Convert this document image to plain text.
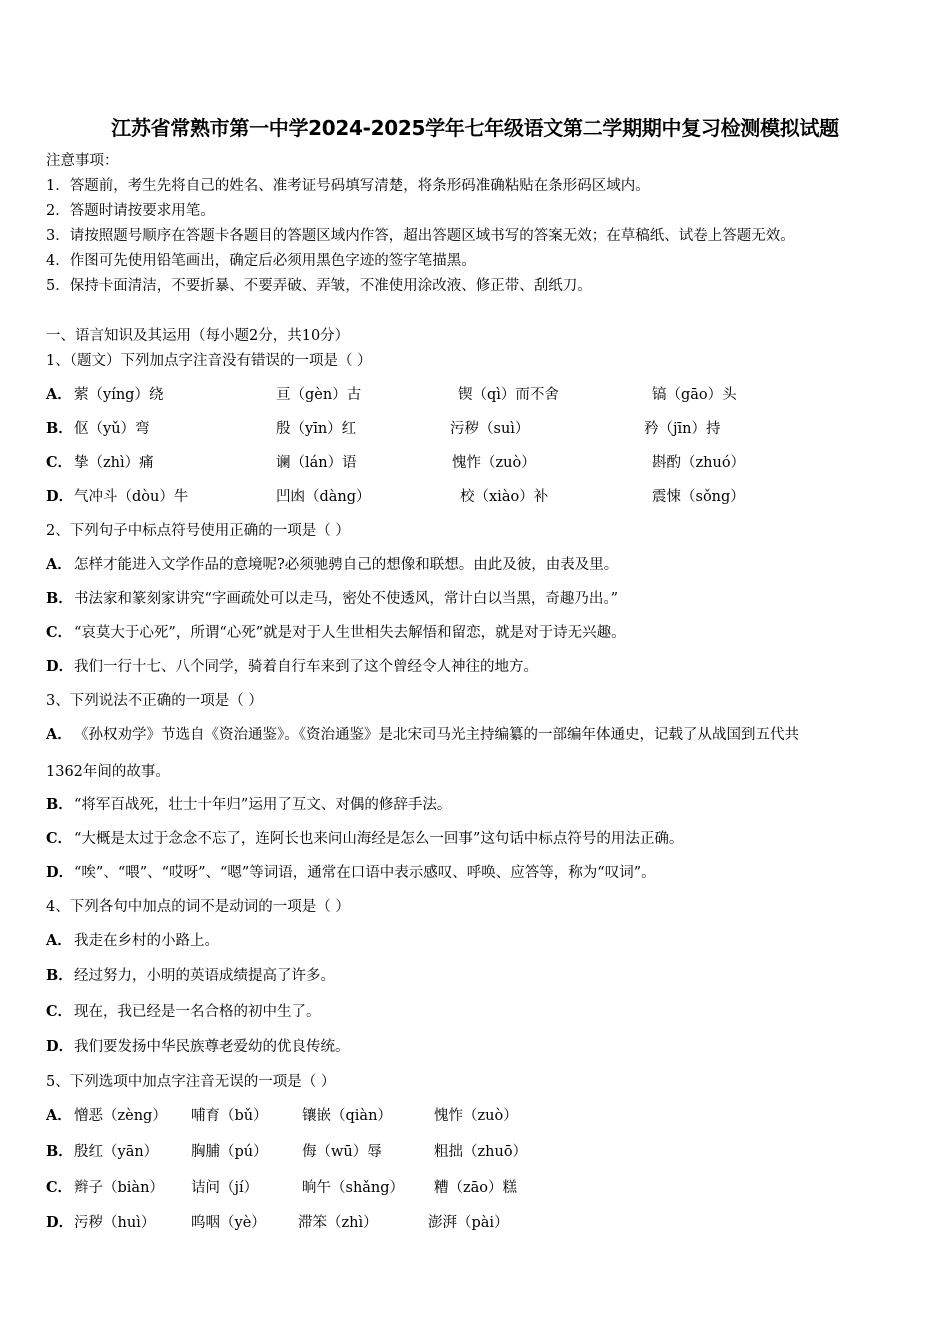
江苏省常熟市第一中学2024-2025学年七年级语文第二学期期中复习检测模拟试题
注意事项：
1．答题前，考生先将自己的姓名、准考证号码填写清楚，将条形码准确粘贴在条形码区域内。
2．答题时请按要求用笔。
3．请按照题号顺序在答题卡各题目的答题区域内作答，超出答题区域书写的答案无效；在草稿纸、试卷上答题无效。
4．作图可先使用铅笔画出，确定后必须用黑色字迹的签字笔描黑。
5．保持卡面清洁，不要折暴、不要弄破、弄皱，不准使用涂改液、修正带、刮纸刀。
一、语言知识及其运用（每小题2分，共10分）
1、（题文）下列加点字注音没有错误的一项是（ ）
A． 萦（yíng）绕	亘（gèn）古	锲（qì）而不舍	镐（gāo）头
B． 伛（yǔ）弯	殷（yīn）红	污秽（suì）	矜（jīn）持
C． 挚（zhì）痛	谰（lán）语	愧怍（zuò）	斟酌（zhuó）
D． 气冲斗（dòu）牛	凹凼（dàng）	校（xiào）补	震悚（sǒng）
2、下列句子中标点符号使用正确的一项是（ ）
A． 怎样才能进入文学作品的意境呢?必须驰骋自己的想像和联想。由此及彼，由表及里。
B．书法家和篆刻家讲究“字画疏处可以走马，密处不使透风，常计白以当黑，奇趣乃出。”
C． “哀莫大于心死”，所谓“心死”就是对于人生世相失去解悟和留恋，就是对于诗无兴趣。
D．我们一行十七、八个同学，骑着自行车来到了这个曾经令人神往的地方。
3、下列说法不正确的一项是（ ）
A． 《孙权劝学》节选自《资治通鉴》。《资治通鉴》是北宋司马光主持编纂的一部编年体通史，记载了从战国到五代共
1362年间的故事。
B．“将军百战死，壮士十年归”运用了互文、对偶的修辞手法。
C． “大概是太过于念念不忘了，连阿长也来问山海经是怎么一回事”这句话中标点符号的用法正确。
D．“唉”、“喂”、“哎呀”、“嗯”等词语，通常在口语中表示感叹、呼唤、应答等，称为“叹词”。
4、下列各句中加点的词不是动词的一项是（ ）
A． 我走在乡村的小路上。
B．经过努力，小明的英语成绩提高了许多。
C． 现在，我已经是一名合格的初中生了。
D．我们要发扬中华民族尊老爱幼的优良传统。
5、下列选项中加点字注音无误的一项是（ ）
A． 憎恶（zèng） 哺育（bǔ） 镶嵌（qiàn）	愧怍（zuò）
B． 殷红（yān） 胸脯（pú） 侮（wū）辱	粗拙（zhuō）
C． 辫子（biàn） 诘问（jí）	晌午（shǎng） 糟（zāo）糕
D． 污秽（huì） 呜咽（yè） 滞笨（zhì）	澎湃（pài）
